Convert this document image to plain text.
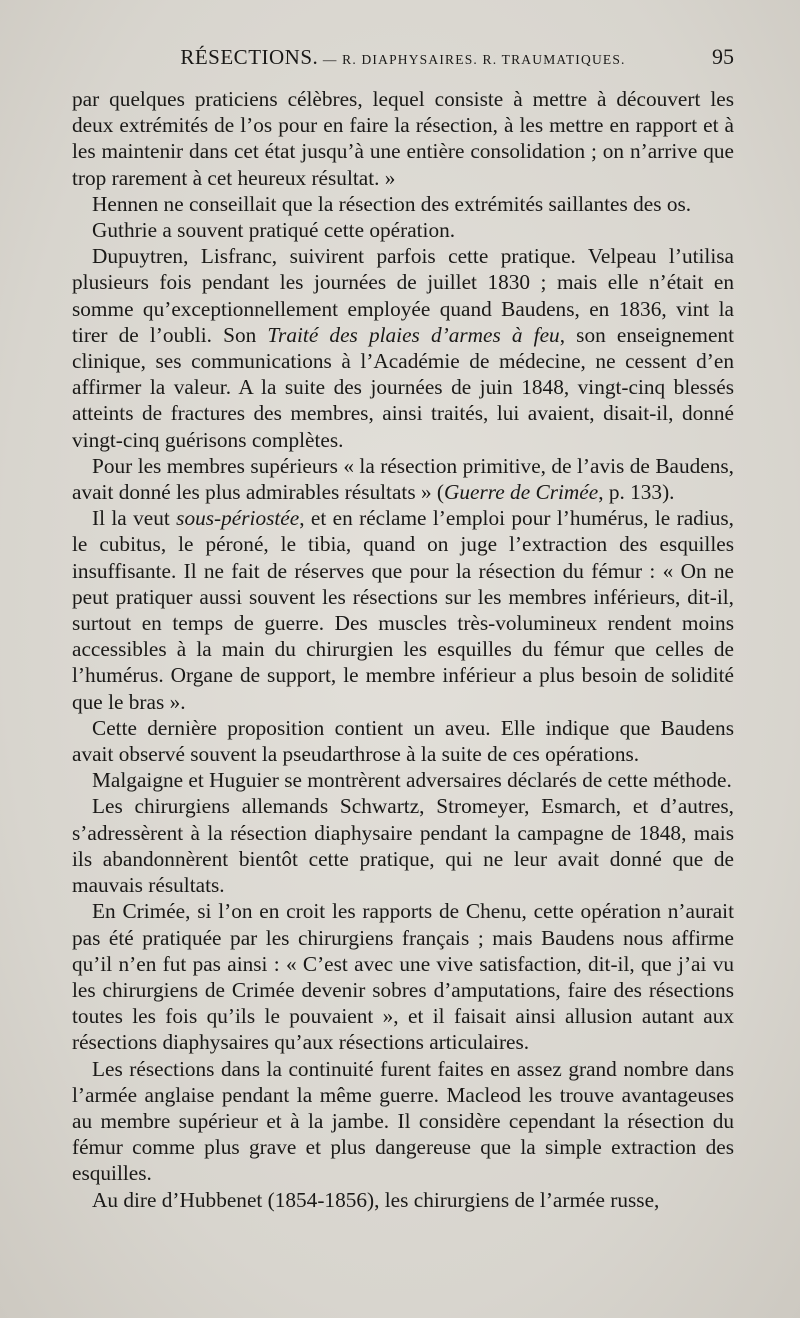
RÉSECTIONS. — R. DIAPHYSAIRES. R. TRAUMATIQUES.	95

par quelques praticiens célèbres, lequel consiste à mettre à découvert les deux extrémités de l’os pour en faire la résection, à les mettre en rapport et à les maintenir dans cet état jusqu’à une entière consolidation ; on n’arrive que trop rarement à cet heureux résultat. »

Hennen ne conseillait que la résection des extrémités saillantes des os.

Guthrie a souvent pratiqué cette opération.

Dupuytren, Lisfranc, suivirent parfois cette pratique. Velpeau l’utilisa plusieurs fois pendant les journées de juillet 1830 ; mais elle n’était en somme qu’exceptionnellement employée quand Baudens, en 1836, vint la tirer de l’oubli. Son Traité des plaies d’armes à feu, son enseignement clinique, ses communications à l’Académie de médecine, ne cessent d’en affirmer la valeur. A la suite des journées de juin 1848, vingt-cinq blessés atteints de fractures des membres, ainsi traités, lui avaient, disait-il, donné vingt-cinq guérisons complètes.

Pour les membres supérieurs « la résection primitive, de l’avis de Baudens, avait donné les plus admirables résultats » (Guerre de Crimée, p. 133).

Il la veut sous-périostée, et en réclame l’emploi pour l’humérus, le radius, le cubitus, le péroné, le tibia, quand on juge l’extraction des esquilles insuffisante. Il ne fait de réserves que pour la résection du fémur : « On ne peut pratiquer aussi souvent les résections sur les membres inférieurs, dit-il, surtout en temps de guerre. Des muscles très-volumineux rendent moins accessibles à la main du chirurgien les esquilles du fémur que celles de l’humérus. Organe de support, le membre inférieur a plus besoin de solidité que le bras ».

Cette dernière proposition contient un aveu. Elle indique que Baudens avait observé souvent la pseudarthrose à la suite de ces opérations.

Malgaigne et Huguier se montrèrent adversaires déclarés de cette méthode.

Les chirurgiens allemands Schwartz, Stromeyer, Esmarch, et d’autres, s’adressèrent à la résection diaphysaire pendant la campagne de 1848, mais ils abandonnèrent bientôt cette pratique, qui ne leur avait donné que de mauvais résultats.

En Crimée, si l’on en croit les rapports de Chenu, cette opération n’aurait pas été pratiquée par les chirurgiens français ; mais Baudens nous affirme qu’il n’en fut pas ainsi : « C’est avec une vive satisfaction, dit-il, que j’ai vu les chirurgiens de Crimée devenir sobres d’amputations, faire des résections toutes les fois qu’ils le pouvaient », et il faisait ainsi allusion autant aux résections diaphysaires qu’aux résections articulaires.

Les résections dans la continuité furent faites en assez grand nombre dans l’armée anglaise pendant la même guerre. Macleod les trouve avantageuses au membre supérieur et à la jambe. Il considère cependant la résection du fémur comme plus grave et plus dangereuse que la simple extraction des esquilles.

Au dire d’Hubbenet (1854-1856), les chirurgiens de l’armée russe,
